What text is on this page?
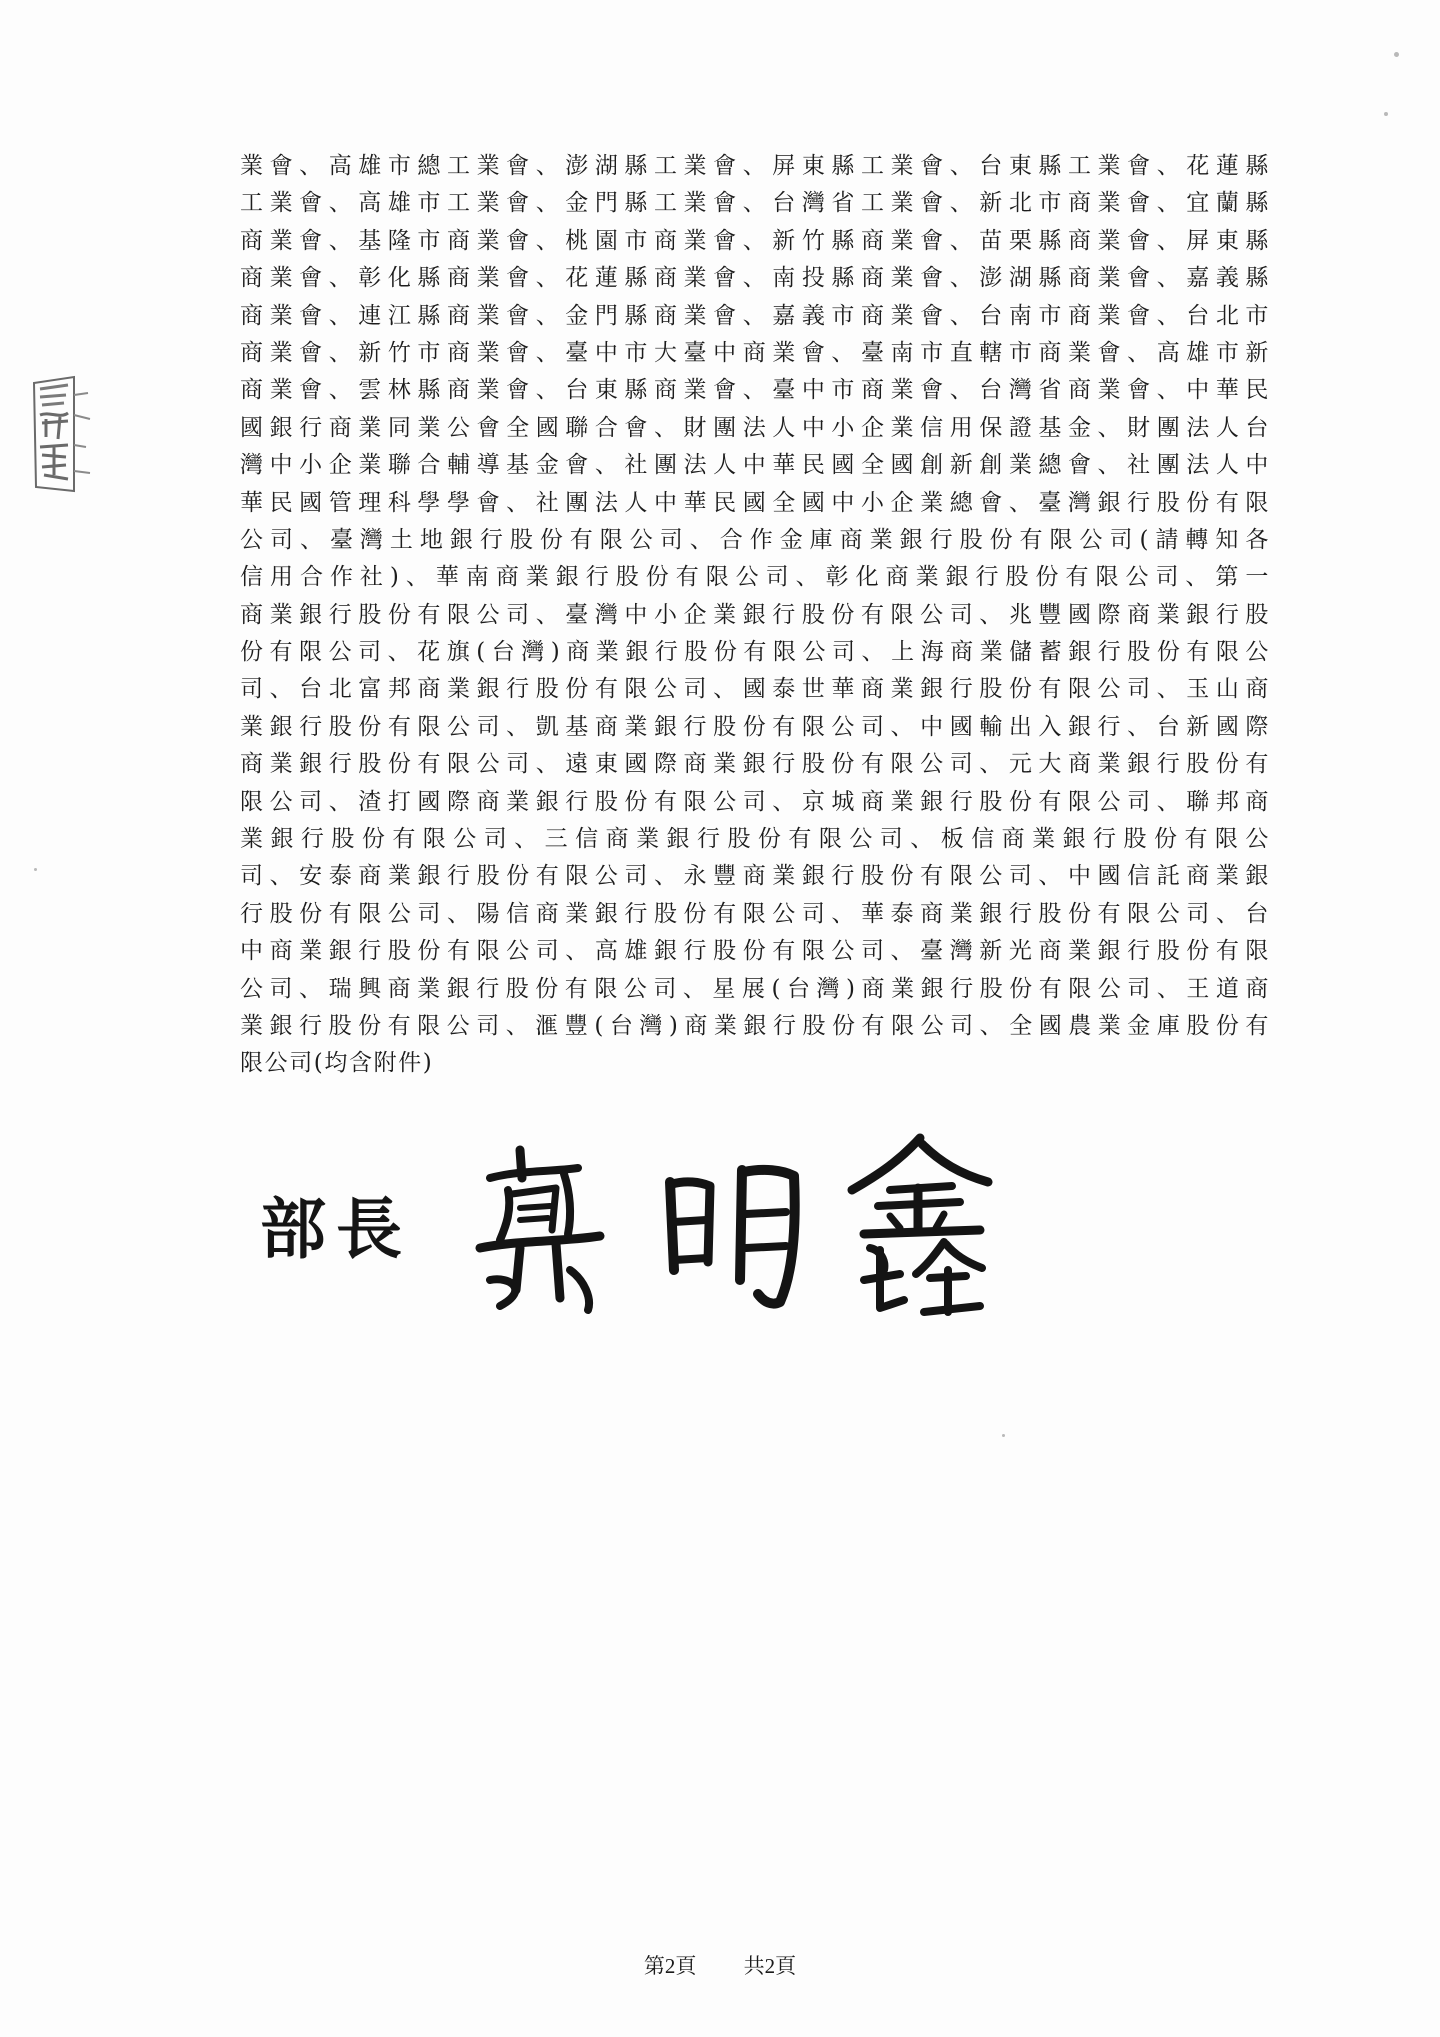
業會、高雄市總工業會、澎湖縣工業會、屏東縣工業會、台東縣工業會、花蓮縣
工業會、高雄市工業會、金門縣工業會、台灣省工業會、新北市商業會、宜蘭縣
商業會、基隆市商業會、桃園市商業會、新竹縣商業會、苗栗縣商業會、屏東縣
商業會、彰化縣商業會、花蓮縣商業會、南投縣商業會、澎湖縣商業會、嘉義縣
商業會、連江縣商業會、金門縣商業會、嘉義市商業會、台南市商業會、台北市
商業會、新竹市商業會、臺中市大臺中商業會、臺南市直轄市商業會、高雄市新
商業會、雲林縣商業會、台東縣商業會、臺中市商業會、台灣省商業會、中華民
國銀行商業同業公會全國聯合會、財團法人中小企業信用保證基金、財團法人台
灣中小企業聯合輔導基金會、社團法人中華民國全國創新創業總會、社團法人中
華民國管理科學學會、社團法人中華民國全國中小企業總會、臺灣銀行股份有限
公司、臺灣土地銀行股份有限公司、合作金庫商業銀行股份有限公司(請轉知各
信用合作社)、華南商業銀行股份有限公司、彰化商業銀行股份有限公司、第一
商業銀行股份有限公司、臺灣中小企業銀行股份有限公司、兆豐國際商業銀行股
份有限公司、花旗(台灣)商業銀行股份有限公司、上海商業儲蓄銀行股份有限公
司、台北富邦商業銀行股份有限公司、國泰世華商業銀行股份有限公司、玉山商
業銀行股份有限公司、凱基商業銀行股份有限公司、中國輸出入銀行、台新國際
商業銀行股份有限公司、遠東國際商業銀行股份有限公司、元大商業銀行股份有
限公司、渣打國際商業銀行股份有限公司、京城商業銀行股份有限公司、聯邦商
業銀行股份有限公司、三信商業銀行股份有限公司、板信商業銀行股份有限公
司、安泰商業銀行股份有限公司、永豐商業銀行股份有限公司、中國信託商業銀
行股份有限公司、陽信商業銀行股份有限公司、華泰商業銀行股份有限公司、台
中商業銀行股份有限公司、高雄銀行股份有限公司、臺灣新光商業銀行股份有限
公司、瑞興商業銀行股份有限公司、星展(台灣)商業銀行股份有限公司、王道商
業銀行股份有限公司、滙豐(台灣)商業銀行股份有限公司、全國農業金庫股份有
限公司(均含附件)
部長
第2頁 共2頁
